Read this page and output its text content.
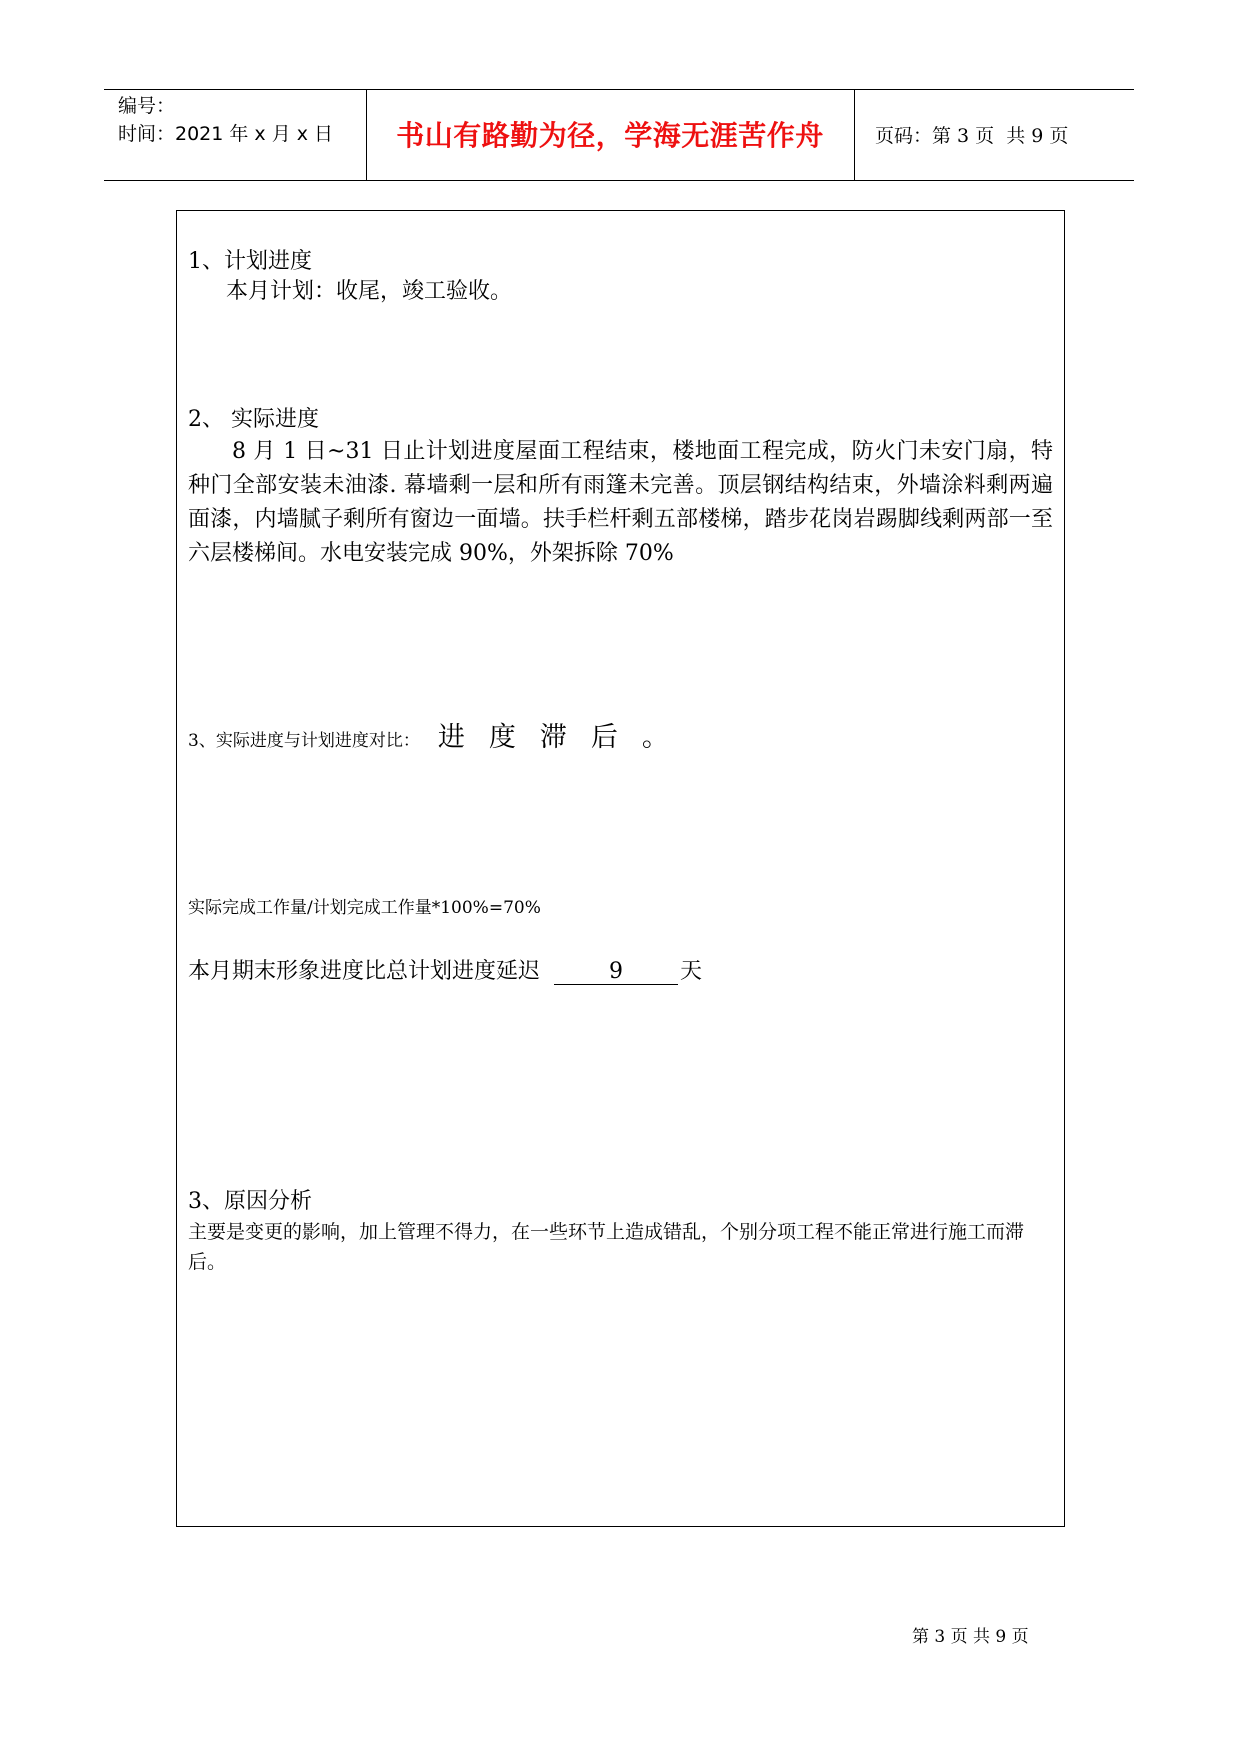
编号：
时间：2021 年 x 月 x 日	书山有路勤为径，学海无涯苦作舟	页码：第 3 页  共 9 页
1、计划进度
本月计划：收尾，竣工验收。
2、 实际进度
8 月 1 日~31 日止计划进度屋面工程结束，楼地面工程完成，防火门未安门扇，特种门全部安装未油漆. 幕墙剩一层和所有雨篷未完善。顶层钢结构结束，外墙涂料剩两遍面漆，内墙腻子剩所有窗边一面墙。扶手栏杆剩五部楼梯，踏步花岗岩踢脚线剩两部一至六层楼梯间。水电安装完成 90%，外架拆除 70%
3、实际进度与计划进度对比： 进度滞后。
实际完成工作量/计划完成工作量*100%=70%
本月期末形象进度比总计划进度延迟	9	天
3、原因分析
主要是变更的影响，加上管理不得力，在一些环节上造成错乱，个别分项工程不能正常进行施工而滞后。
第 3 页 共 9 页
